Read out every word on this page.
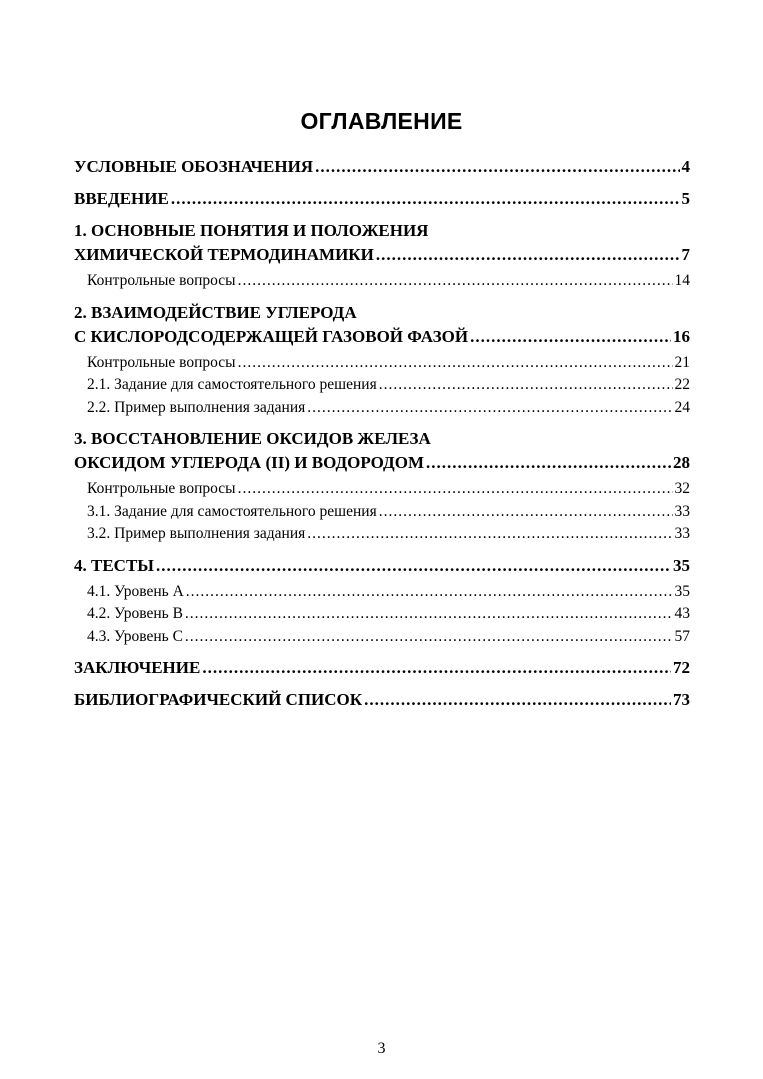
ОГЛАВЛЕНИЕ
УСЛОВНЫЕ ОБОЗНАЧЕНИЯ .....	4
ВВЕДЕНИЕ .....	5
1. ОСНОВНЫЕ ПОНЯТИЯ И ПОЛОЖЕНИЯ
ХИМИЧЕСКОЙ ТЕРМОДИНАМИКИ .....	7
Контрольные вопросы .....	14
2. ВЗАИМОДЕЙСТВИЕ УГЛЕРОДА
С КИСЛОРОДСОДЕРЖАЩЕЙ ГАЗОВОЙ ФАЗОЙ .....	16
Контрольные вопросы .....	21
2.1. Задание для самостоятельного решения .....	22
2.2. Пример выполнения задания .....	24
3. ВОССТАНОВЛЕНИЕ ОКСИДОВ ЖЕЛЕЗА
ОКСИДОМ УГЛЕРОДА (II) И ВОДОРОДОМ .....	28
Контрольные вопросы .....	32
3.1. Задание для самостоятельного решения .....	33
3.2. Пример выполнения задания .....	33
4. ТЕСТЫ .....	35
4.1. Уровень А .....	35
4.2. Уровень В .....	43
4.3. Уровень С .....	57
ЗАКЛЮЧЕНИЕ .....	72
БИБЛИОГРАФИЧЕСКИЙ СПИСОК .....	73
3
